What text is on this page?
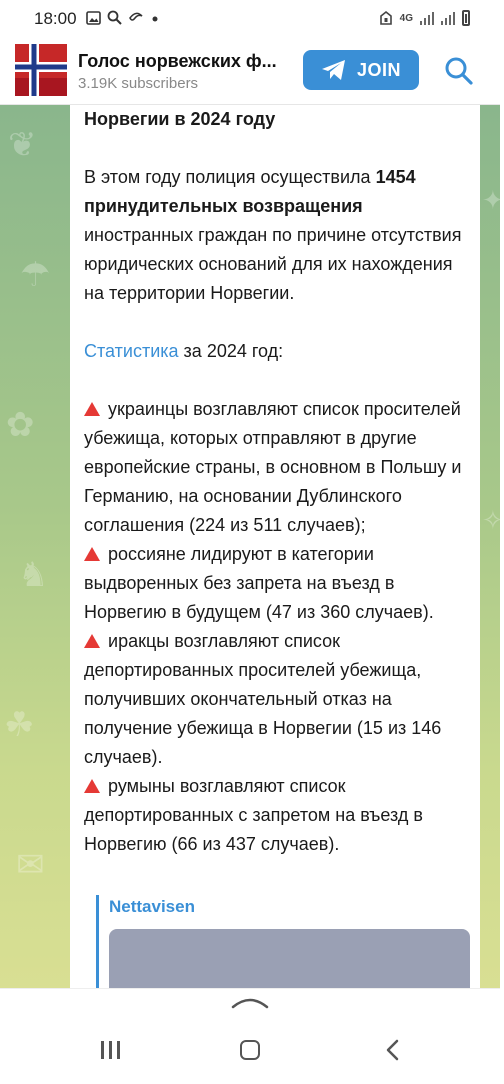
18:00	4G
Голос норвежских ф...
3.19K subscribers
JOIN
❦
☂
✿
♞
☘
✉
✦
✧

Норвегии в 2024 году

В этом году полиция осуществила 1454 принудительных возвращения иностранных граждан по причине отсутствия юридических оснований для их нахождения на территории Норвегии.

Статистика за 2024 год:

украинцы возглавляют список просителей убежища, которых отправляют в другие европейские страны, в основном в Польшу и Германию, на основании Дублинского соглашения (224 из 511 случаев);

россияне лидируют в категории выдворенных без запрета на въезд в Норвегию в будущем (47 из 360 случаев).

иракцы возглавляют список депортированных просителей убежища, получивших окончательный отказ на получение убежища в Норвегии (15 из 146 случаев).

румыны возглавляют список депортированных с запретом на въезд в Норвегию (66 из 437 случаев).

Nettavisen
